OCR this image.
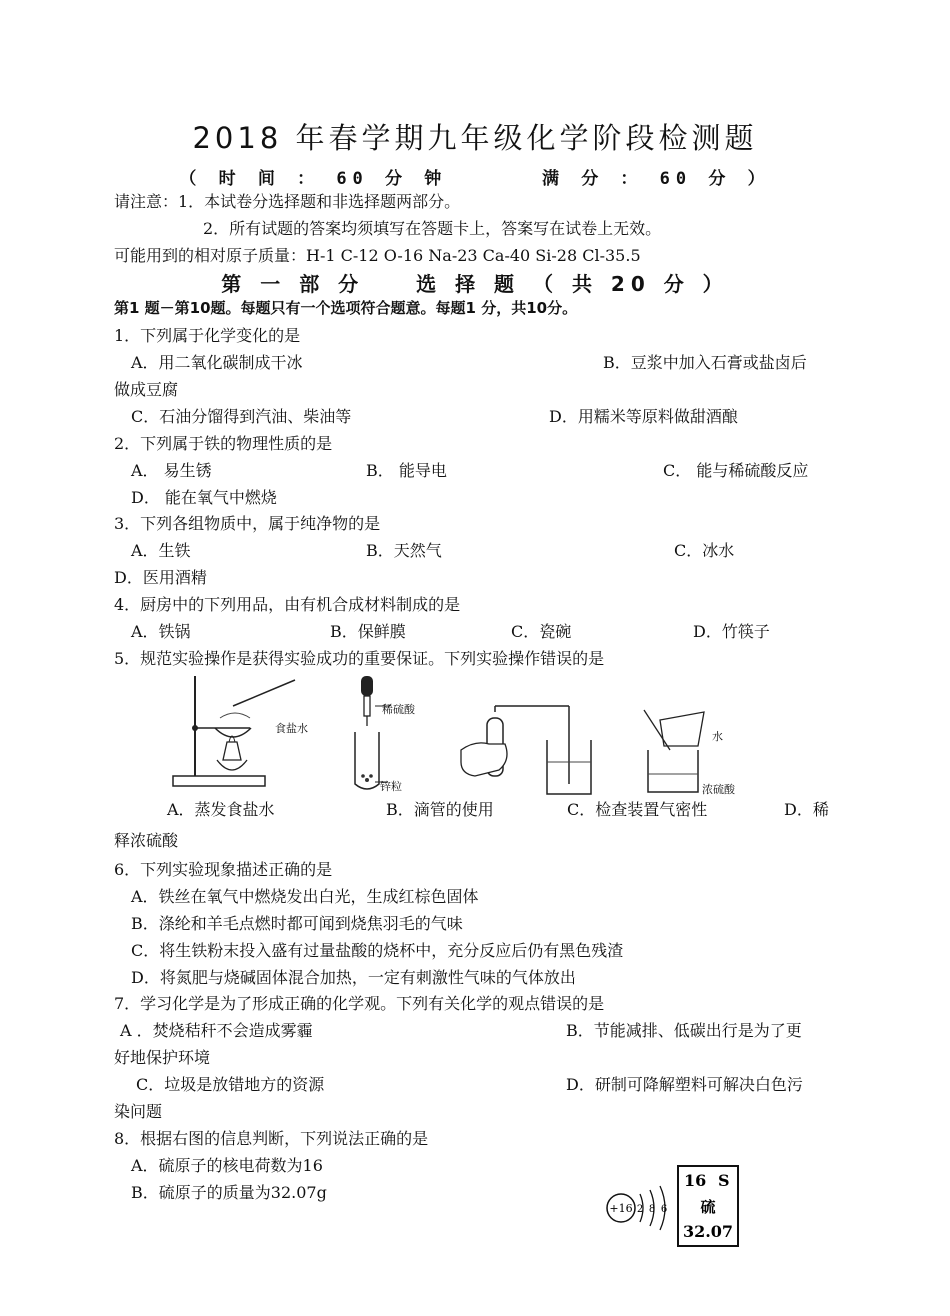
2018 年春学期九年级化学阶段检测题
（ 时 间 ： 60 分 钟 　 　 满 分 ： 60 分 ）
请注意：1．本试卷分选择题和非选择题两部分。
2．所有试题的答案均须填写在答题卡上，答案写在试卷上无效。
可能用到的相对原子质量：H-1 C-12 O-16 Na-23 Ca-40 Si-28 Cl-35.5
第 一 部 分 　 选 择 题 （ 共 20 分 ）
第1 题－第10题。每题只有一个选项符合题意。每题1 分，共10分。
1．下列属于化学变化的是
A．用二氧化碳制成干冰	B．豆浆中加入石膏或盐卤后
做成豆腐
C．石油分馏得到汽油、柴油等	D．用糯米等原料做甜酒酿
2．下列属于铁的物理性质的是
A． 易生锈	B． 能导电	C． 能与稀硫酸反应
D． 能在氧气中燃烧
3．下列各组物质中，属于纯净物的是
A．生铁	B．天然气	C．冰水
D．医用酒精
4．厨房中的下列用品，由有机合成材料制成的是
A．铁锅	B．保鲜膜	C．瓷碗	D．竹筷子
5．规范实验操作是获得实验成功的重要保证。下列实验操作错误的是
食盐水
稀硫酸
锌粒
水
浓硫酸
A．蒸发食盐水	B．滴管的使用	C．检查装置气密性	D．稀
释浓硫酸
6．下列实验现象描述正确的是
A．铁丝在氧气中燃烧发出白光，生成红棕色固体
B．涤纶和羊毛点燃时都可闻到烧焦羽毛的气味
C．将生铁粉末投入盛有过量盐酸的烧杯中，充分反应后仍有黑色残渣
D．将氮肥与烧碱固体混合加热，一定有刺激性气味的气体放出
7．学习化学是为了形成正确的化学观。下列有关化学的观点错误的是
A ．焚烧秸秆不会造成雾霾	B．节能减排、低碳出行是为了更
好地保护环境
C．垃圾是放错地方的资源	D．研制可降解塑料可解决白色污
染问题
8．根据右图的信息判断，下列说法正确的是
A．硫原子的核电荷数为16
B．硫原子的质量为32.07g
+16 2 8 6
16 S
硫
32.07
